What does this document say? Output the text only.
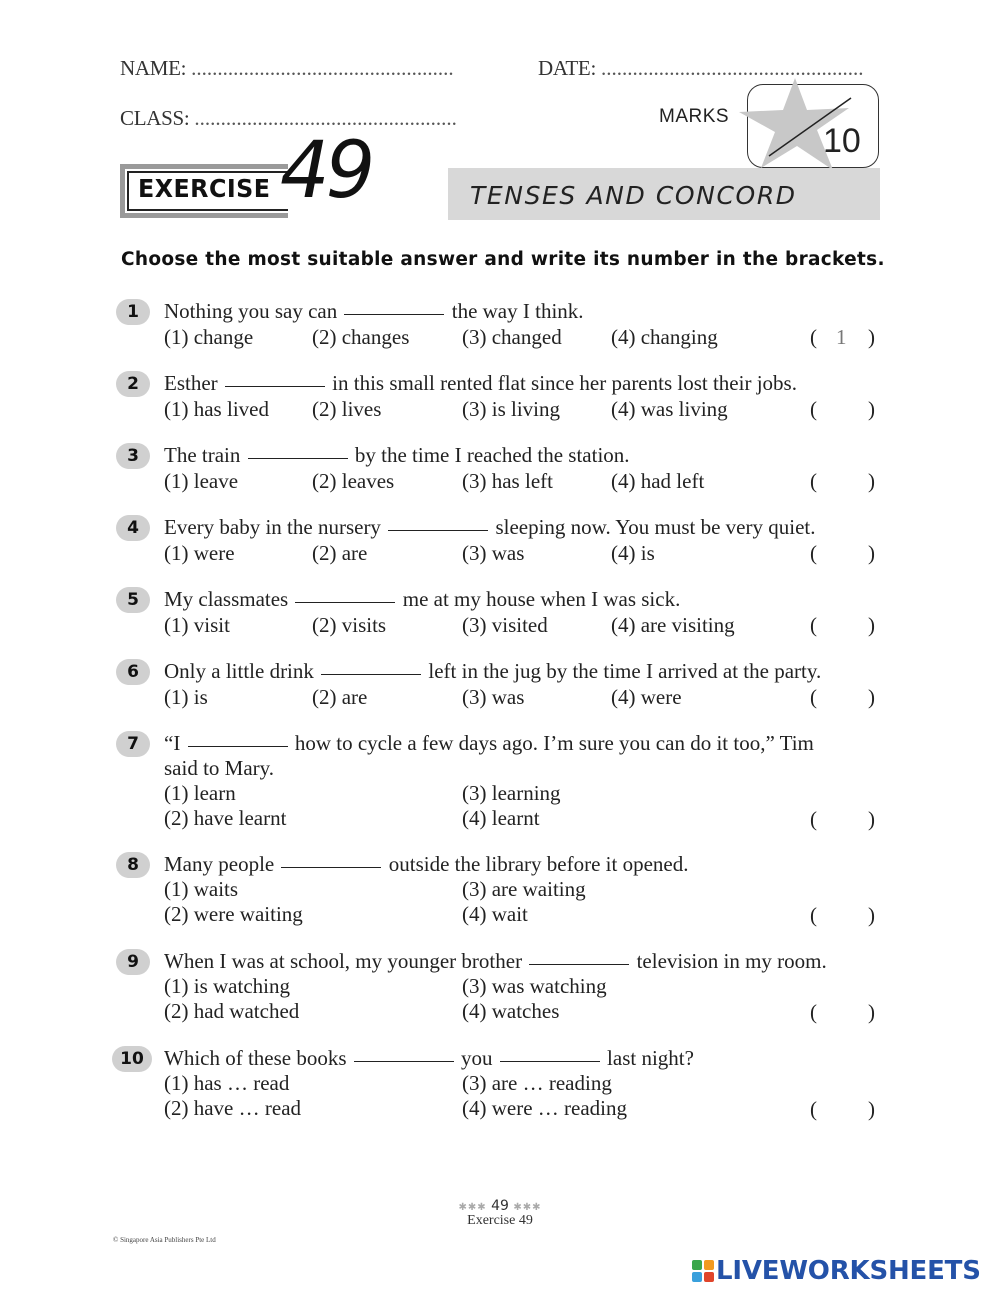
NAME: ..................................................	DATE: ..................................................
CLASS: ..................................................	MARKS
10
EXERCISE 49	TENSES AND CONCORD
Choose the most suitable answer and write its number in the brackets.
1	Nothing you say can	the way I think.
(1) change	(2) changes	(3) changed (4) changing	( 1 )
2	Esther	in this small rented flat since her parents lost their jobs.
(1) has lived (2) lives	(3) is living (4) was living	( )
3	The train	by the time I reached the station.
(1) leave	(2) leaves	(3) has left	(4) had left	( )
4	Every baby in the nursery	sleeping now. You must be very quiet.
(1) were	(2) are	(3) was	(4) is	( )
5	My classmates	me at my house when I was sick.
(1) visit	(2) visits	(3) visited	(4) are visiting	( )
6	Only a little drink	left in the jug by the time I arrived at the party.
(1) is	(2) are	(3) was	(4) were	( )
7	“I	how to cycle a few days ago. I’m sure you can do it too,” Tim
said to Mary.
(1) learn	(3) learning
(2) have learnt	(4) learnt	( )
8	Many people	outside the library before it opened.
(1) waits	(3) are waiting
(2) were waiting	(4) wait	( )
9	When I was at school, my younger brother	television in my room.
(1) is watching	(3) was watching
(2) had watched	(4) watches	( )
10 Which of these books	you	last night?
(1) has … read	(3) are … reading
(2) have … read	(4) were … reading	( )
✱✱✱ 49 ✱✱✱
Exercise 49
© Singapore Asia Publishers Pte Ltd
LIVEWORKSHEETS
